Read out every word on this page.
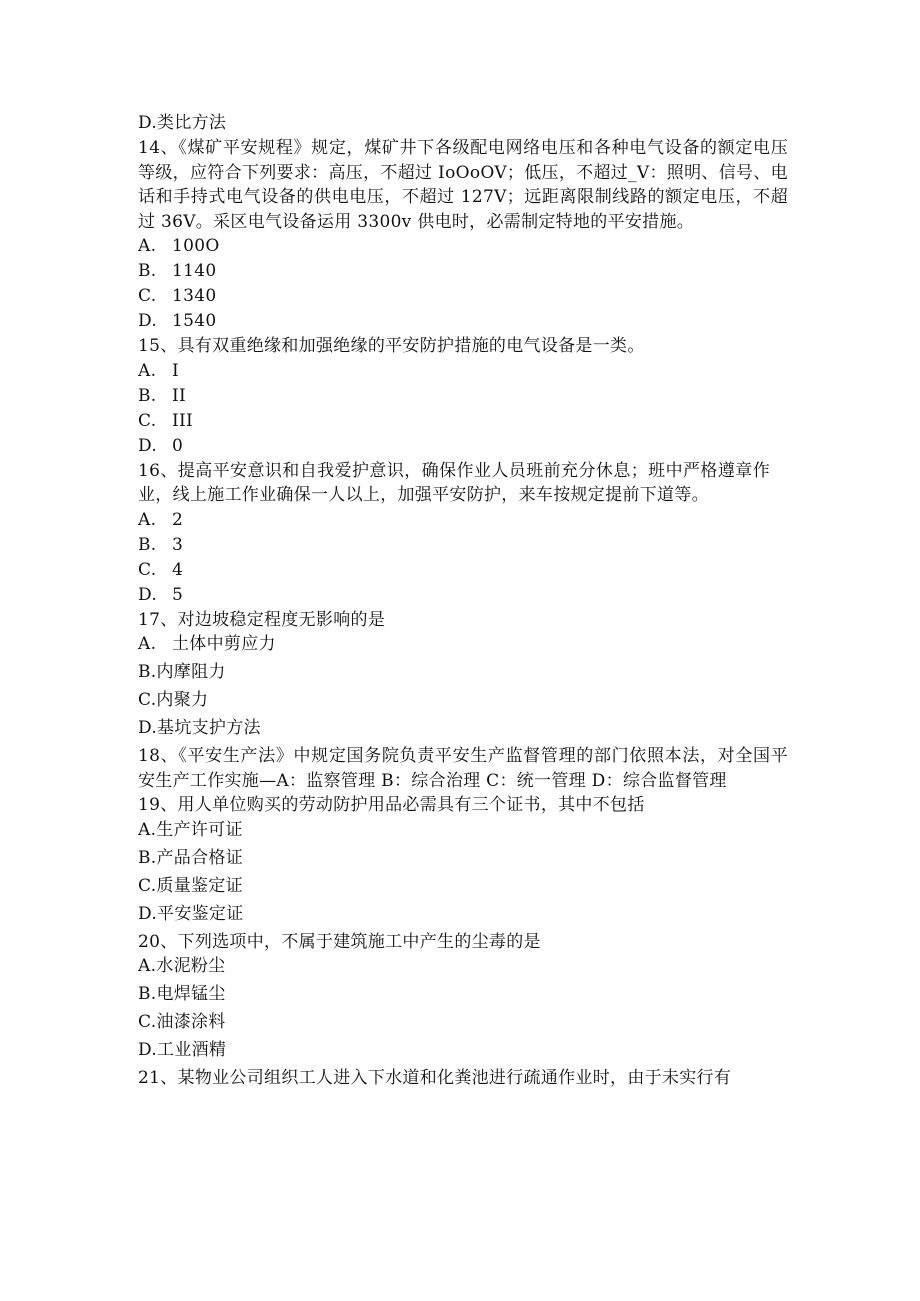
D.类比方法
14、《煤矿平安规程》规定，煤矿井下各级配电网络电压和各种电气设备的额定电压等级，应符合下列要求：高压，不超过 IoOoOV；低压，不超过_V：照明、信号、电话和手持式电气设备的供电电压，不超过 127V；远距离限制线路的额定电压，不超过 36V。采区电气设备运用 3300v 供电时，必需制定特地的平安措施。
A. 100O
B. 1140
C. 1340
D. 1540
15、具有双重绝缘和加强绝缘的平安防护措施的电气设备是一类。
A. I
B. II
C. III
D. 0
16、提高平安意识和自我爱护意识，确保作业人员班前充分休息；班中严格遵章作业，线上施工作业确保一人以上，加强平安防护，来车按规定提前下道等。
A. 2
B. 3
C. 4
D. 5
17、对边坡稳定程度无影响的是
A. 土体中剪应力
B.内摩阻力
C.内聚力
D.基坑支护方法
18、《平安生产法》中规定国务院负责平安生产监督管理的部门依照本法，对全国平安生产工作实施—A：监察管理 B：综合治理 C：统一管理 D：综合监督管理
19、用人单位购买的劳动防护用品必需具有三个证书，其中不包括
A.生产许可证
B.产品合格证
C.质量鉴定证
D.平安鉴定证
20、下列选项中，不属于建筑施工中产生的尘毒的是
A.水泥粉尘
B.电焊锰尘
C.油漆涂料
D.工业酒精
21、某物业公司组织工人进入下水道和化粪池进行疏通作业时，由于未实行有
